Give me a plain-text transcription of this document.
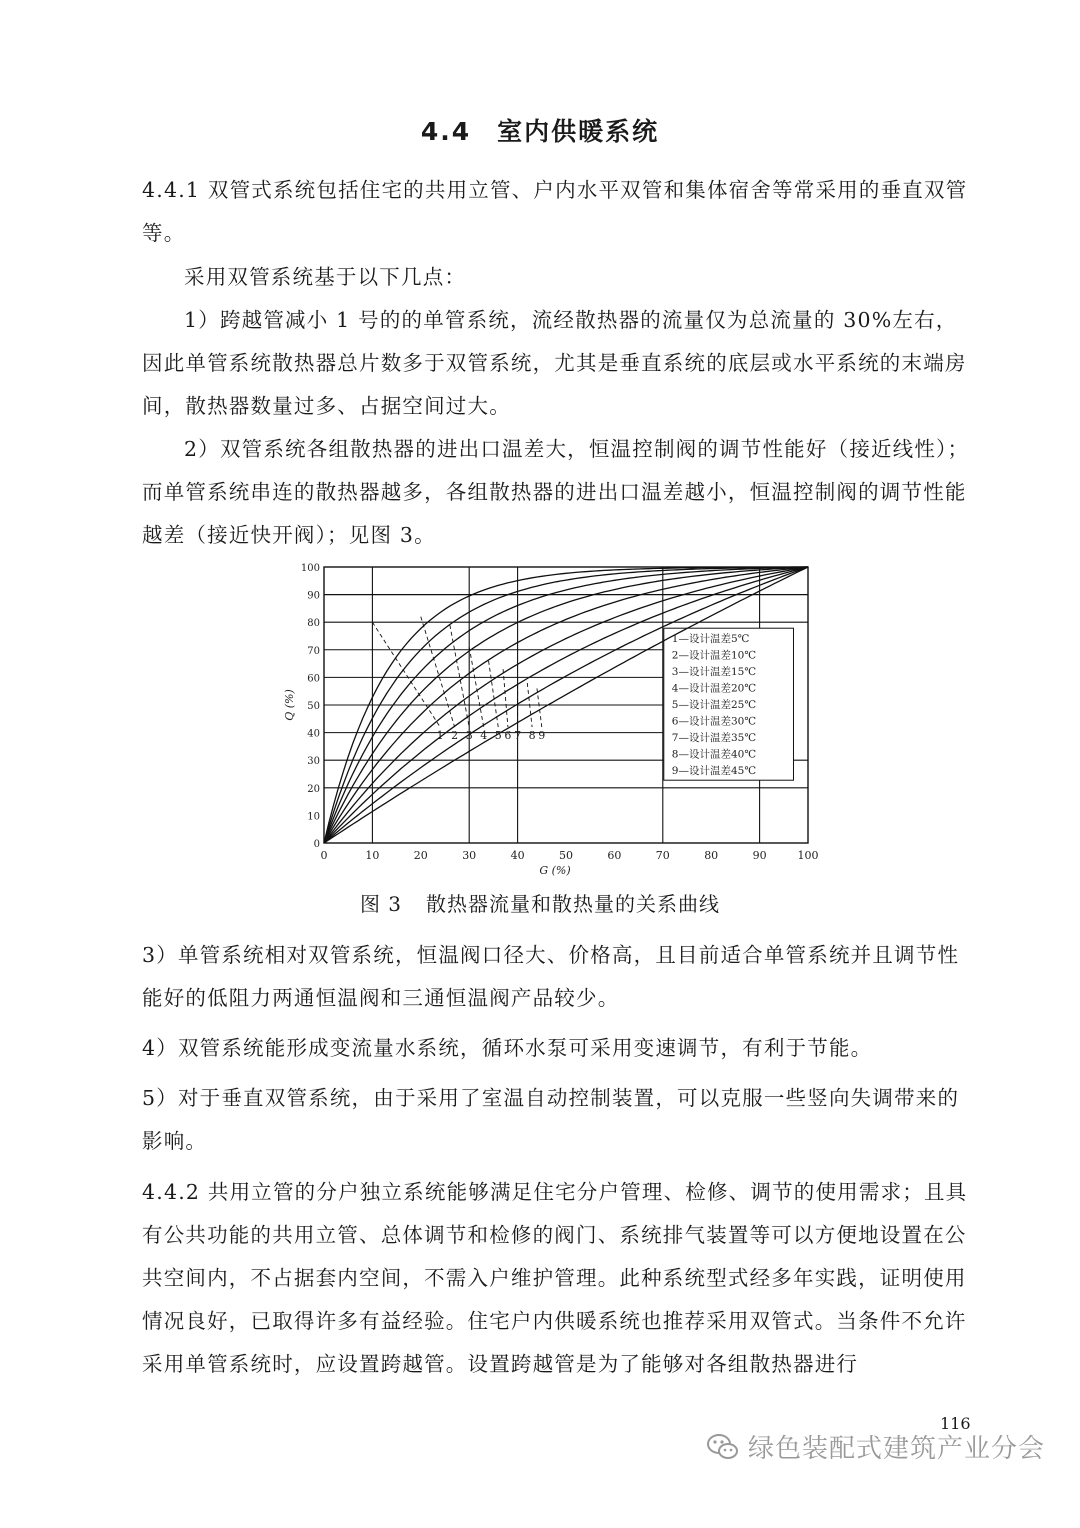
4.4 室内供暖系统
4.4.1 双管式系统包括住宅的共用立管、户内水平双管和集体宿舍等常采用的垂直双管等。
采用双管系统基于以下几点：
1）跨越管减小 1 号的的单管系统，流经散热器的流量仅为总流量的 30%左右，因此单管系统散热器总片数多于双管系统，尤其是垂直系统的底层或水平系统的末端房间，散热器数量过多、占据空间过大。
2）双管系统各组散热器的进出口温差大，恒温控制阀的调节性能好（接近线性）；而单管系统串连的散热器越多，各组散热器的进出口温差越小，恒温控制阀的调节性能越差（接近快开阀）；见图 3。
1—设计温差5℃
2—设计温差10℃
3—设计温差15℃
4—设计温差20℃
5—设计温差25℃
6—设计温差30℃
7—设计温差35℃
8—设计温差40℃
9—设计温差45℃
1 2 3 4 5 6 7 8 9
0	10	20	30	40	50	60	70	80	90	100
0
10
20
30
40
50
60
70
80
90
100
G (%)
Q (%)
图 3 散热器流量和散热量的关系曲线
3）单管系统相对双管系统，恒温阀口径大、价格高，且目前适合单管系统并且调节性能好的低阻力两通恒温阀和三通恒温阀产品较少。
4）双管系统能形成变流量水系统，循环水泵可采用变速调节，有利于节能。
5）对于垂直双管系统，由于采用了室温自动控制装置，可以克服一些竖向失调带来的影响。
4.4.2 共用立管的分户独立系统能够满足住宅分户管理、检修、调节的使用需求；且具有公共功能的共用立管、总体调节和检修的阀门、系统排气装置等可以方便地设置在公共空间内，不占据套内空间，不需入户维护管理。此种系统型式经多年实践，证明使用情况良好，已取得许多有益经验。住宅户内供暖系统也推荐采用双管式。当条件不允许采用单管系统时，应设置跨越管。设置跨越管是为了能够对各组散热器进行
116
绿色装配式建筑产业分会
